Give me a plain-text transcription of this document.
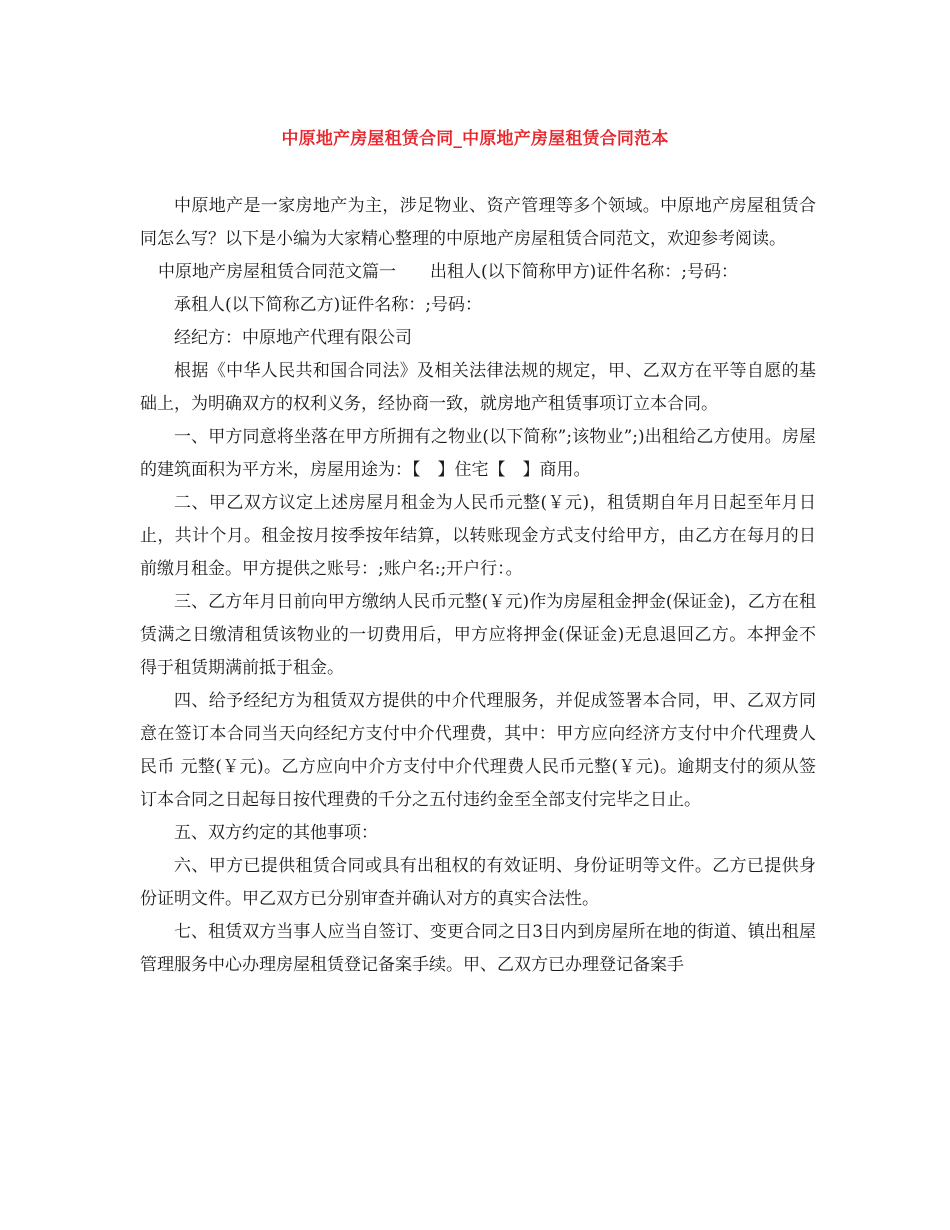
中原地产房屋租赁合同_中原地产房屋租赁合同范本

中原地产是一家房地产为主，涉足物业、资产管理等多个领域。中原地产房屋租赁合同怎么写？以下是小编为大家精心整理的中原地产房屋租赁合同范文，欢迎参考阅读。

中原地产房屋租赁合同范文篇一　　出租人(以下简称甲方)证件名称：;号码：

承租人(以下简称乙方)证件名称：;号码：

经纪方：中原地产代理有限公司

根据《中华人民共和国合同法》及相关法律法规的规定，甲、乙双方在平等自愿的基础上，为明确双方的权利义务，经协商一致，就房地产租赁事项订立本合同。

一、甲方同意将坐落在甲方所拥有之物业(以下简称”;该物业”;)出租给乙方使用。房屋的建筑面积为平方米，房屋用途为：【　】住宅【　】商用。

二、甲乙双方议定上述房屋月租金为人民币元整(￥元)，租赁期自年月日起至年月日止，共计个月。租金按月按季按年结算，以转账现金方式支付给甲方，由乙方在每月的日前缴月租金。甲方提供之账号：;账户名:;开户行：。

三、乙方年月日前向甲方缴纳人民币元整(￥元)作为房屋租金押金(保证金)，乙方在租赁满之日缴清租赁该物业的一切费用后，甲方应将押金(保证金)无息退回乙方。本押金不得于租赁期满前抵于租金。

四、给予经纪方为租赁双方提供的中介代理服务，并促成签署本合同，甲、乙双方同意在签订本合同当天向经纪方支付中介代理费，其中：甲方应向经济方支付中介代理费人民币 元整(￥元)。乙方应向中介方支付中介代理费人民币元整(￥元)。逾期支付的须从签订本合同之日起每日按代理费的千分之五付违约金至全部支付完毕之日止。

五、双方约定的其他事项：

六、甲方已提供租赁合同或具有出租权的有效证明、身份证明等文件。乙方已提供身份证明文件。甲乙双方已分别审查并确认对方的真实合法性。

七、租赁双方当事人应当自签订、变更合同之日3日内到房屋所在地的街道、镇出租屋管理服务中心办理房屋租赁登记备案手续。甲、乙双方已办理登记备案手
